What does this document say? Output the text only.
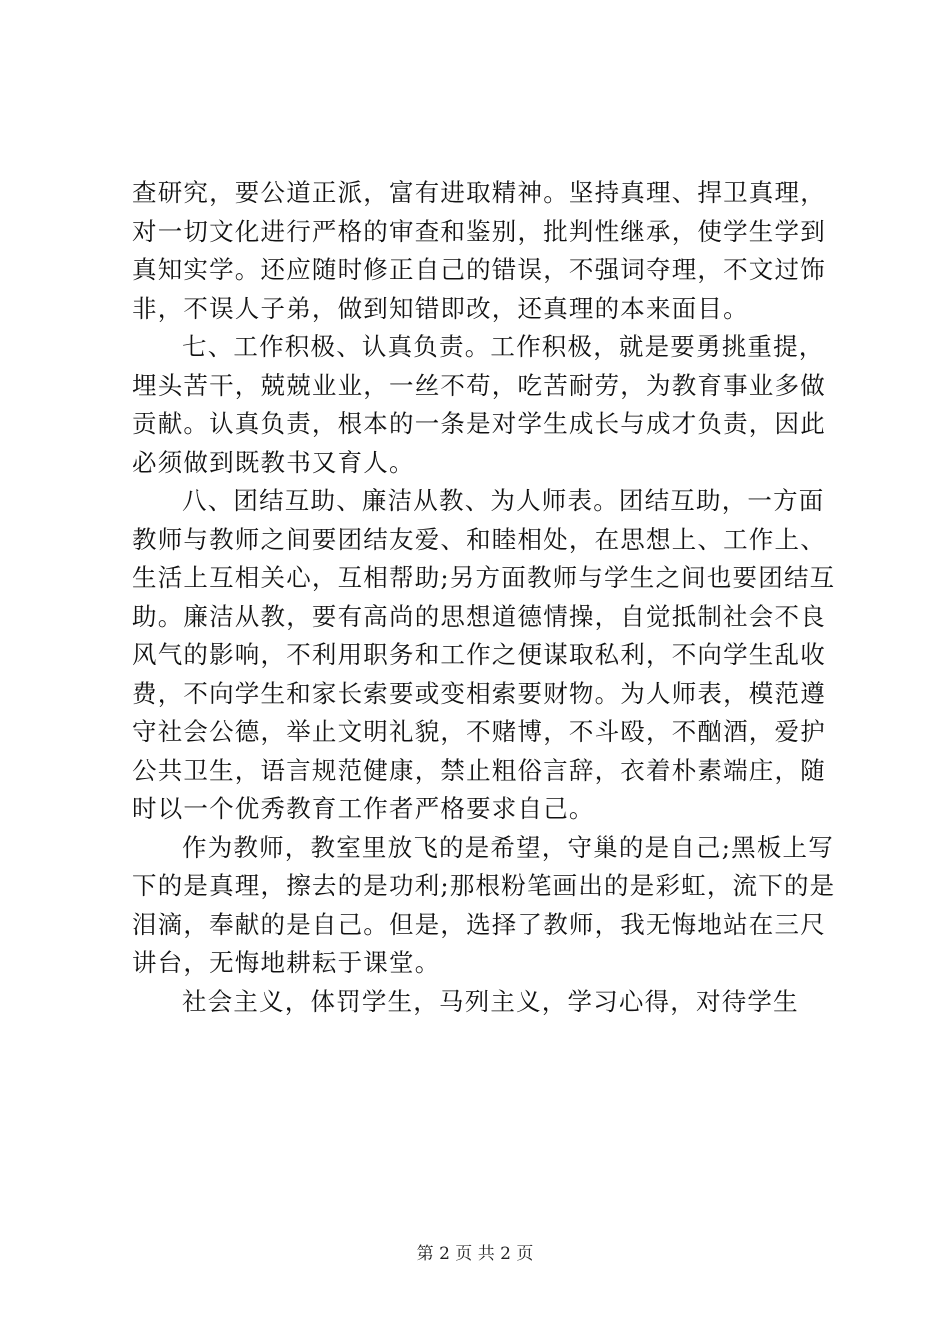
查研究，要公道正派，富有进取精神。坚持真理、捍卫真理，
对一切文化进行严格的审查和鉴别，批判性继承，使学生学到
真知实学。还应随时修正自己的错误，不强词夺理，不文过饰
非，不误人子弟，做到知错即改，还真理的本来面目。
七、工作积极、认真负责。工作积极，就是要勇挑重提，
埋头苦干，兢兢业业，一丝不苟，吃苦耐劳，为教育事业多做
贡献。认真负责，根本的一条是对学生成长与成才负责，因此
必须做到既教书又育人。
八、团结互助、廉洁从教、为人师表。团结互助，一方面
教师与教师之间要团结友爱、和睦相处，在思想上、工作上、
生活上互相关心，互相帮助;另方面教师与学生之间也要团结互
助。廉洁从教，要有高尚的思想道德情操，自觉抵制社会不良
风气的影响，不利用职务和工作之便谋取私利，不向学生乱收
费，不向学生和家长索要或变相索要财物。为人师表，模范遵
守社会公德，举止文明礼貌，不赌博，不斗殴，不酗酒，爱护
公共卫生，语言规范健康，禁止粗俗言辞，衣着朴素端庄，随
时以一个优秀教育工作者严格要求自己。
作为教师，教室里放飞的是希望，守巢的是自己;黑板上写
下的是真理，擦去的是功利;那根粉笔画出的是彩虹，流下的是
泪滴，奉献的是自己。但是，选择了教师，我无悔地站在三尺
讲台，无悔地耕耘于课堂。
社会主义，体罚学生，马列主义，学习心得，对待学生
第 2 页 共 2 页
